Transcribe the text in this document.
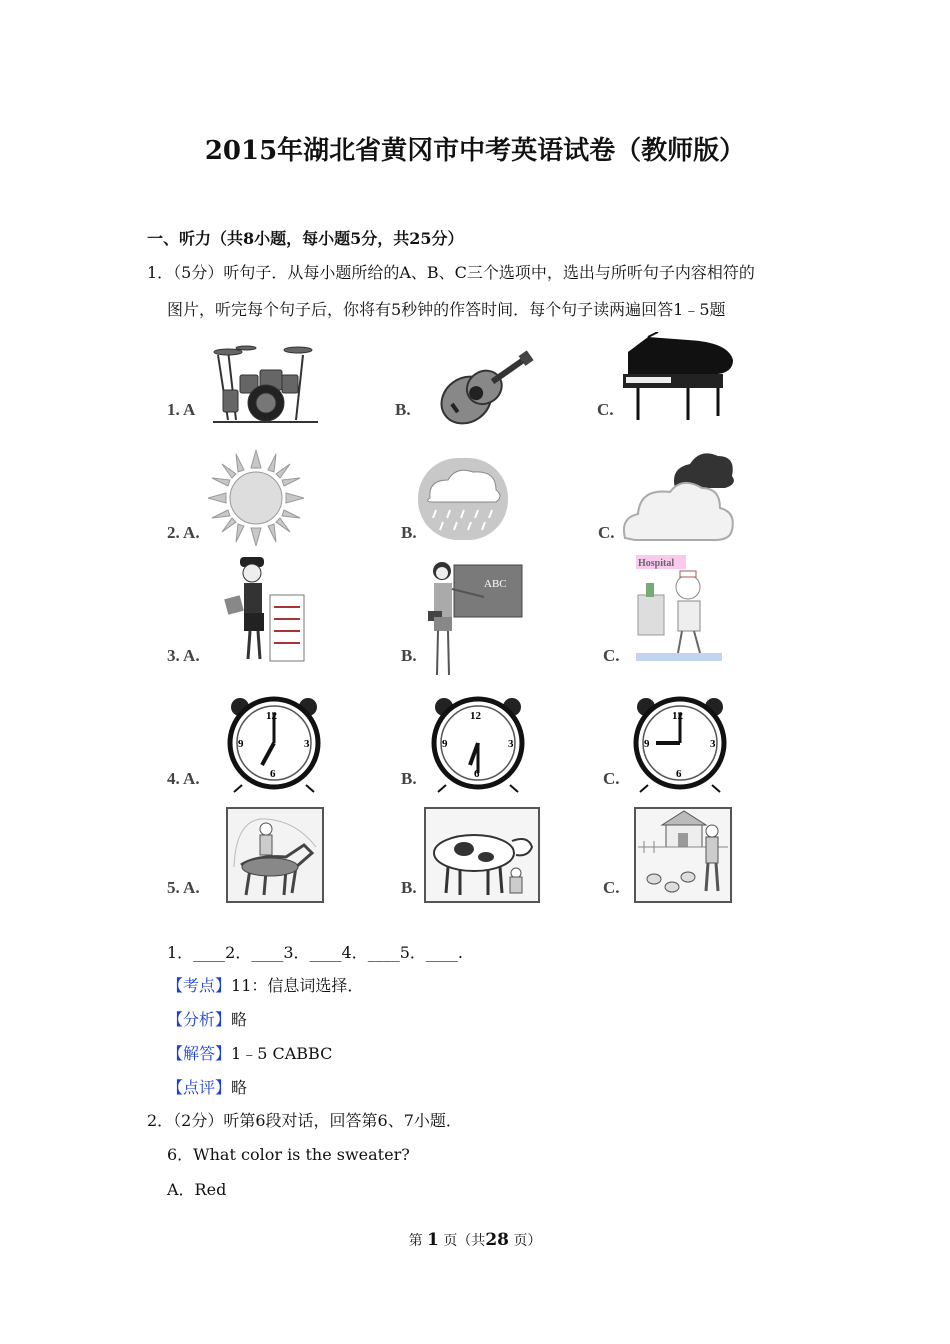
2015年湖北省黄冈市中考英语试卷（教师版）
一、听力（共8小题，每小题5分，共25分）
1．（5分）听句子．从每小题所给的A、B、C三个选项中，选出与所听句子内容相符的
图片，听完每个句子后，你将有5秒钟的作答时间．每个句子读两遍回答1﹣5题
1. A	B.	C.
2. A.	B.	C.
3. A.	B.	C.
4. A.	B.	C.
5. A.	B.	C.
ABC
Hospital
12
3
6
9
12
3
6
9
12
3
6
9
1．____2．____3．____4．____5．____.
【考点】11：信息词选择．
【分析】略
【解答】1﹣5 CABBC
【点评】略
2．（2分）听第6段对话，回答第6、7小题．
6．What color is the sweater?
A．Red
第 1 页（共28 页）
